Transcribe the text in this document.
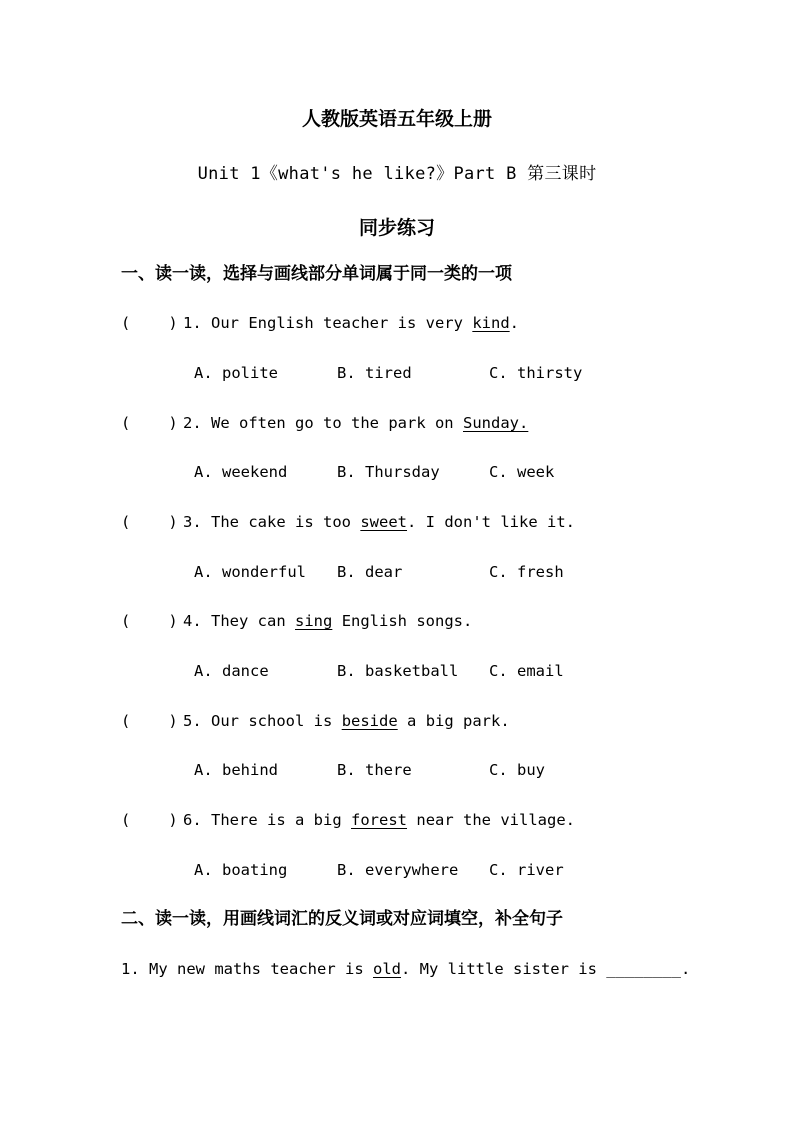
人教版英语五年级上册
Unit 1《what's he like?》Part B 第三课时
同步练习
一、读一读，选择与画线部分单词属于同一类的一项
( ) 1. Our English teacher is very kind.
A. polite	B. tired	C. thirsty
( ) 2. We often go to the park on Sunday.
A. weekend	B. Thursday	C. week
( ) 3. The cake is too sweet. I don't like it.
A. wonderful B. dear	C. fresh
( ) 4. They can sing English songs.
A. dance	B. basketball C. email
( ) 5. Our school is beside a big park.
A. behind	B. there	C. buy
( ) 6. There is a big forest near the village.
A. boating	B. everywhere C. river
二、读一读，用画线词汇的反义词或对应词填空，补全句子
1. My new maths teacher is old. My little sister is ________.
